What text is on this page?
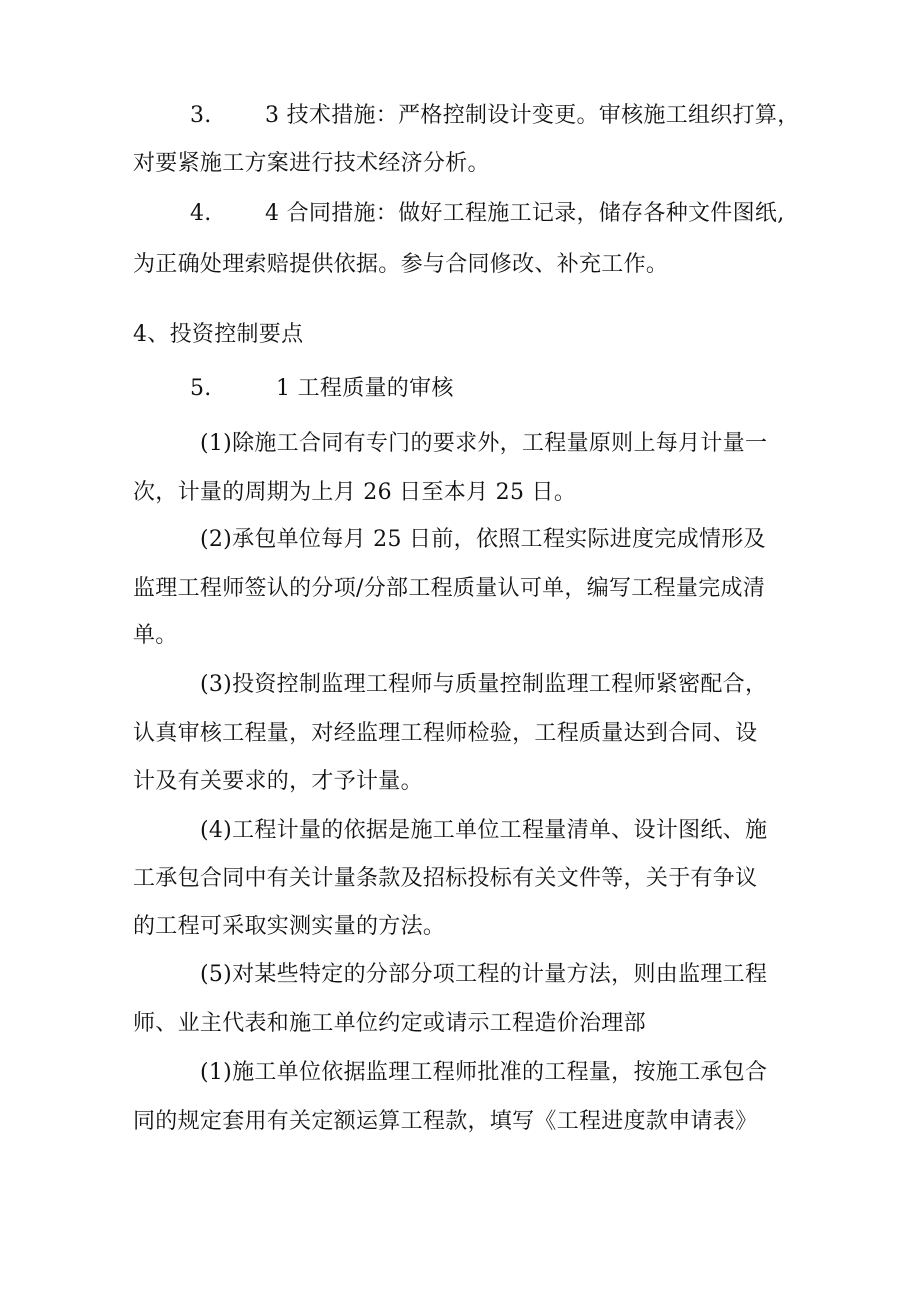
3. 3 技术措施：严格控制设计变更。审核施工组织打算，
对要紧施工方案进行技术经济分析。
4. 4 合同措施：做好工程施工记录，储存各种文件图纸,
为正确处理索赔提供依据。参与合同修改、补充工作。
4、投资控制要点
5.	1 工程质量的审核
(1)除施工合同有专门的要求外，工程量原则上每月计量一
次，计量的周期为上月 26 日至本月 25 日。
(2)承包单位每月 25 日前，依照工程实际进度完成情形及
监理工程师签认的分项/分部工程质量认可单，编写工程量完成清
单。
(3)投资控制监理工程师与质量控制监理工程师紧密配合，
认真审核工程量，对经监理工程师检验，工程质量达到合同、设
计及有关要求的，才予计量。
(4)工程计量的依据是施工单位工程量清单、设计图纸、施
工承包合同中有关计量条款及招标投标有关文件等，关于有争议
的工程可采取实测实量的方法。
(5)对某些特定的分部分项工程的计量方法，则由监理工程
师、业主代表和施工单位约定或请示工程造价治理部
(1)施工单位依据监理工程师批准的工程量，按施工承包合
同的规定套用有关定额运算工程款，填写《工程进度款申请表》
